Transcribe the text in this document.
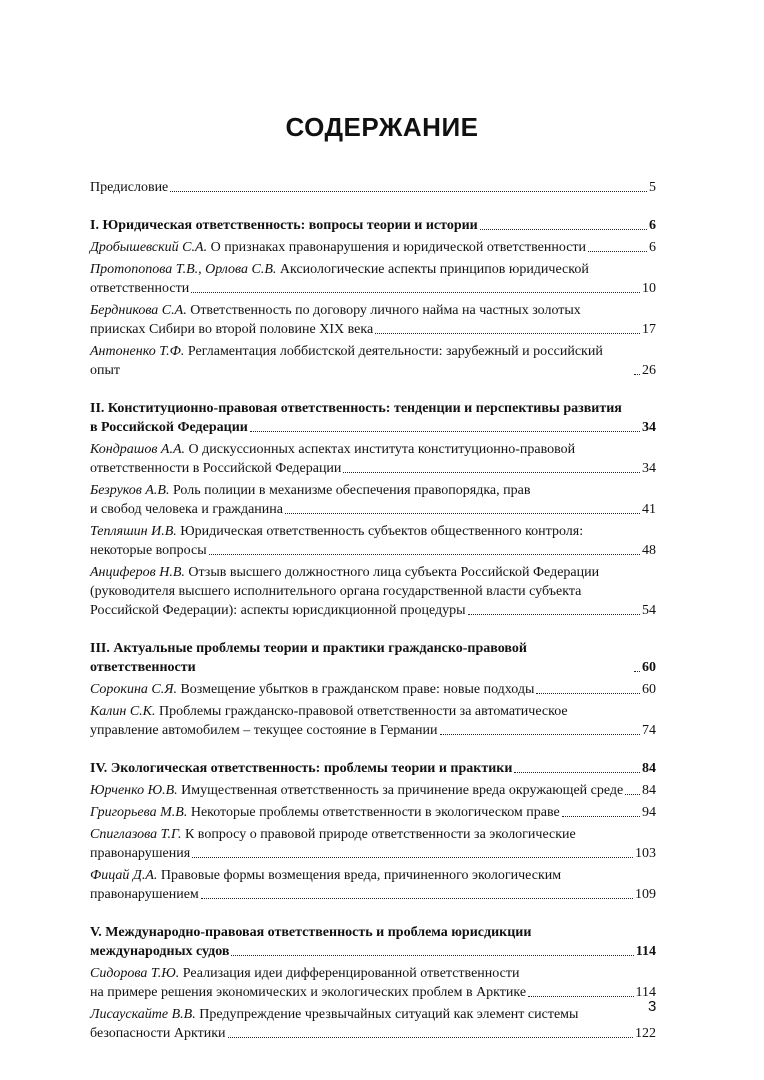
СОДЕРЖАНИЕ
Предисловие	5
I. Юридическая ответственность: вопросы теории и истории	6
Дробышевский С.А. О признаках правонарушения и юридической ответственности	6
Протопопова Т.В., Орлова С.В. Аксиологические аспекты принципов юридической
ответственности	10
Бердникова С.А. Ответственность по договору личного найма на частных золотых
приисках Сибири во второй половине XIX века	17
Антоненко Т.Ф. Регламентация лоббистской деятельности: зарубежный и российский опыт	26
II. Конституционно-правовая ответственность: тенденции и перспективы развития
в Российской Федерации	34
Кондрашов А.А. О дискуссионных аспектах института конституционно-правовой
ответственности в Российской Федерации	34
Безруков А.В. Роль полиции в механизме обеспечения правопорядка, прав
и свобод человека и гражданина	41
Тепляшин И.В. Юридическая ответственность субъектов общественного контроля:
некоторые вопросы	48
Анциферов Н.В. Отзыв высшего должностного лица субъекта Российской Федерации
(руководителя высшего исполнительного органа государственной власти субъекта
Российской Федерации): аспекты юрисдикционной процедуры	54
III. Актуальные проблемы теории и практики гражданско-правовой ответственности	60
Сорокина С.Я. Возмещение убытков в гражданском праве: новые подходы	60
Калин С.К. Проблемы гражданско-правовой ответственности за автоматическое
управление автомобилем – текущее состояние в Германии	74
IV. Экологическая ответственность: проблемы теории и практики	84
Юрченко Ю.В. Имущественная ответственность за причинение вреда окружающей среде 84
Григорьева М.В. Некоторые проблемы ответственности в экологическом праве	94
Спиглазова Т.Г. К вопросу о правовой природе ответственности за экологические
правонарушения	103
Фицай Д.А. Правовые формы возмещения вреда, причиненного экологическим
правонарушением	109
V. Международно-правовая ответственность и проблема юрисдикции
международных судов	114
Сидорова Т.Ю. Реализация идеи дифференцированной ответственности
на примере решения экономических и экологических проблем в Арктике	114
Лисаускайте В.В. Предупреждение чрезвычайных ситуаций как элемент системы
безопасности Арктики	122
3
